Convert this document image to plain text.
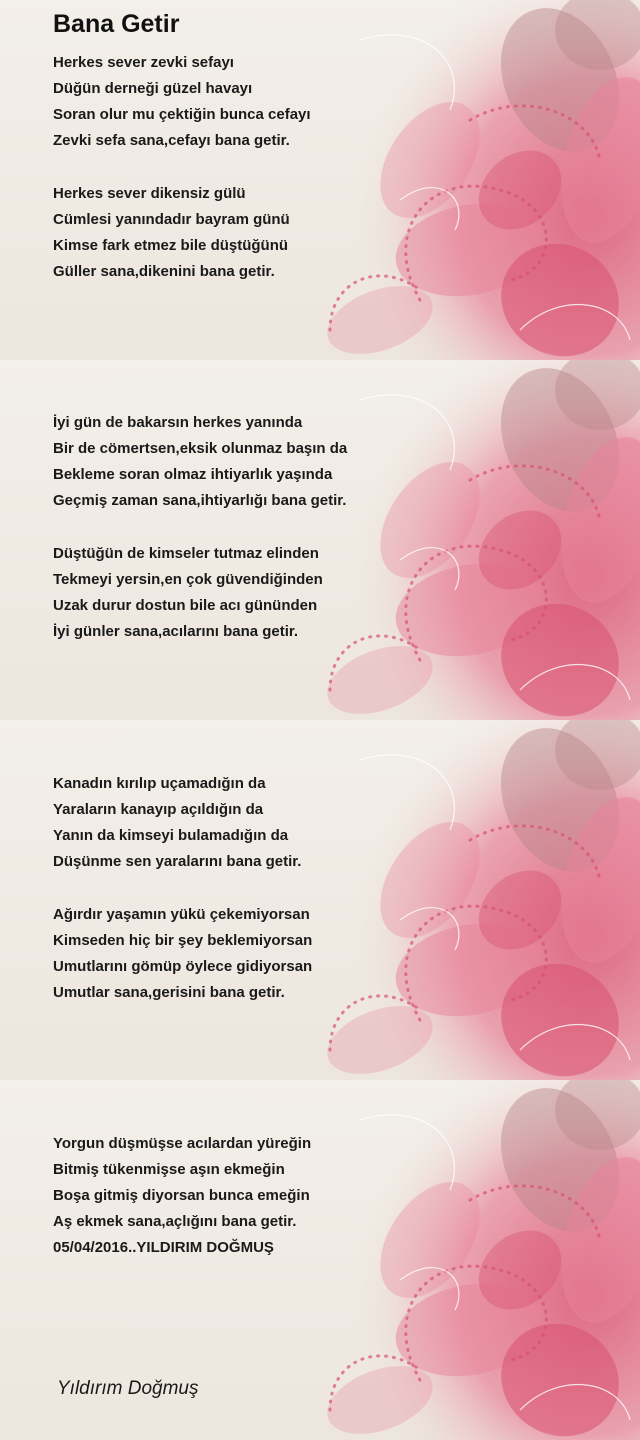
Bana Getir
Herkes sever zevki sefayı
Düğün derneği güzel havayı
Soran olur mu çektiğin bunca cefayı
Zevki sefa sana,cefayı bana getir.
Herkes sever dikensiz gülü
Cümlesi yanındadır bayram günü
Kimse fark etmez bile düştüğünü
Güller sana,dikenini bana getir.
İyi gün de bakarsın herkes yanında
Bir de cömertsen,eksik olunmaz başın da
Bekleme soran olmaz ihtiyarlık yaşında
Geçmiş zaman sana,ihtiyarlığı bana getir.
Düştüğün de kimseler tutmaz elinden
Tekmeyi yersin,en çok güvendiğinden
Uzak durur dostun bile acı gününden
İyi günler sana,acılarını bana getir.
Kanadın kırılıp uçamadığın da
Yaraların kanayıp açıldığın da
Yanın da kimseyi bulamadığın da
Düşünme sen yaralarını bana getir.
Ağırdır yaşamın yükü çekemiyorsan
Kimseden hiç bir şey beklemiyorsan
Umutlarını gömüp öylece gidiyorsan
Umutlar sana,gerisini bana getir.
Yorgun düşmüşse acılardan yüreğin
Bitmiş tükenmişse aşın ekmeğin
Boşa gitmiş diyorsan bunca emeğin
Aş ekmek sana,açlığını bana getir.
05/04/2016..YILDIRIM DOĞMUŞ
Yıldırım Doğmuş
